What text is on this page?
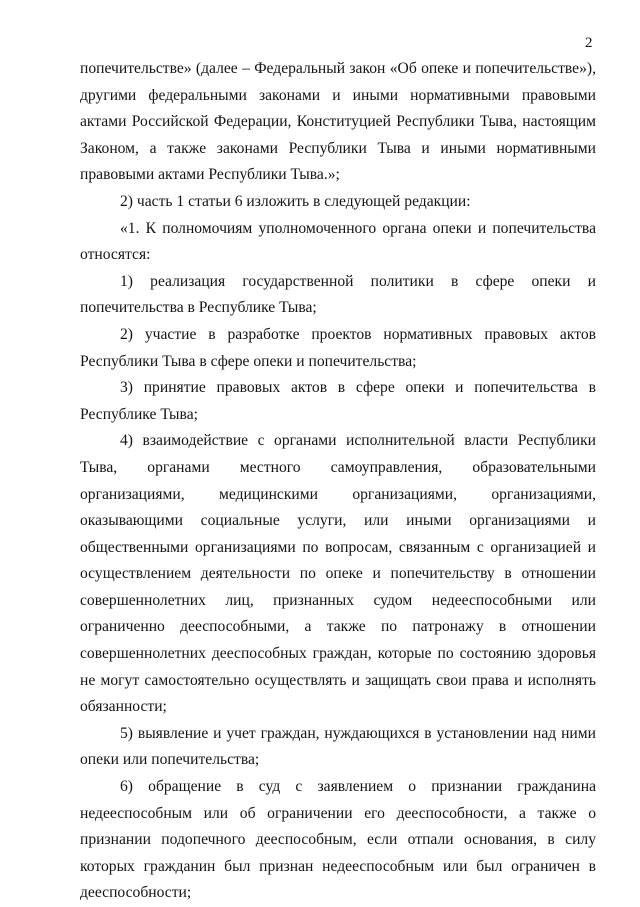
2

попечительстве» (далее – Федеральный закон «Об опеке и попечительстве»), другими федеральными законами и иными нормативными правовыми актами Российской Федерации, Конституцией Республики Тыва, настоящим Законом, а также законами Республики Тыва и иными нормативными правовыми актами Республики Тыва.»;

2) часть 1 статьи 6 изложить в следующей редакции:

«1. К полномочиям уполномоченного органа опеки и попечительства относятся:

1) реализация государственной политики в сфере опеки и попечительства в Республике Тыва;

2) участие в разработке проектов нормативных правовых актов Республики Тыва в сфере опеки и попечительства;

3) принятие правовых актов в сфере опеки и попечительства в Республике Тыва;

4) взаимодействие с органами исполнительной власти Республики Тыва, органами местного самоуправления, образовательными организациями, медицинскими организациями, организациями, оказывающими социальные услуги, или иными организациями и общественными организациями по вопросам, связанным с организацией и осуществлением деятельности по опеке и попечительству в отношении совершеннолетних лиц, признанных судом недееспособными или ограниченно дееспособными, а также по патронажу в отношении совершеннолетних дееспособных граждан, которые по состоянию здоровья не могут самостоятельно осуществлять и защищать свои права и исполнять обязанности;

5) выявление и учет граждан, нуждающихся в установлении над ними опеки или попечительства;

6) обращение в суд с заявлением о признании гражданина недееспособным или об ограничении его дееспособности, а также о признании подопечного дееспособным, если отпали основания, в силу которых гражданин был признан недееспособным или был ограничен в дееспособности;
